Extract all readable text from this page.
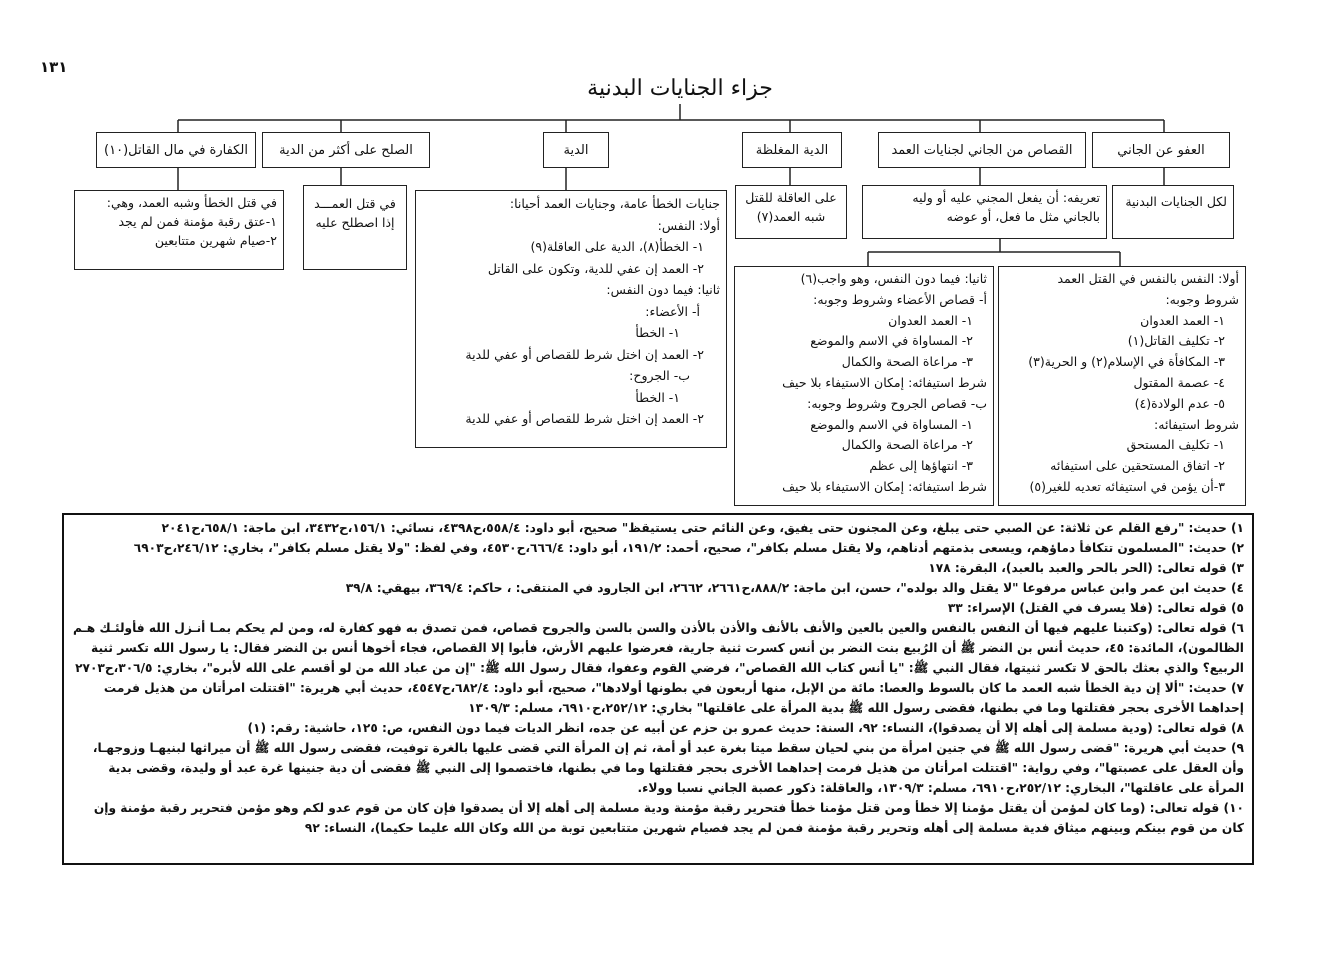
١٣١
جزاء الجنايات البدنية
العفو عن الجاني
القصاص من الجاني لجنايات العمد
الدية المغلظة
الدية
الصلح على أكثر من الدية
الكفارة في مال القاتل(١٠)
لكل الجنايات البدنية
تعريفه: أن يفعل المجني عليه أو وليه
بالجاني مثل ما فعل، أو عوضه
على العاقلة للقتل
شبه العمد(٧)
جنايات الخطأ عامة، وجنايات العمد أحيانا:
أولا: النفس:
١- الخطأ(٨)، الدية على العاقلة(٩)
٢- العمد إن عفي للدية، وتكون على القاتل
ثانيا: فيما دون النفس:
أ- الأعضاء:
١- الخطأ
٢- العمد إن اختل شرط للقصاص أو عفي للدية
ب- الجروح:
١- الخطأ
٢- العمد إن اختل شرط للقصاص أو عفي للدية
في قتل العمـــد
إذا اصطلح عليه
في قتل الخطأ وشبه العمد، وهي:
١-عتق رقبة مؤمنة فمن لم يجد
٢-صيام شهرين متتابعين
أولا: النفس بالنفس في القتل العمد
شروط وجوبه:
١- العمد العدوان
٢- تكليف القاتل(١)
٣- المكافأة في الإسلام(٢) و الحرية(٣)
٤- عصمة المقتول
٥- عدم الولادة(٤)
شروط استيفائه:
١- تكليف المستحق
٢- اتفاق المستحقين على استيفائه
٣-أن يؤمن في استيفائه تعديه للغير(٥)
ثانيا: فيما دون النفس، وهو واجب(٦)
أ- قصاص الأعضاء وشروط وجوبه:
١- العمد العدوان
٢- المساواة في الاسم والموضع
٣- مراعاة الصحة والكمال
شرط استيفائه: إمكان الاستيفاء بلا حيف
ب- قصاص الجروح وشروط وجوبه:
١- المساواة في الاسم والموضع
٢- مراعاة الصحة والكمال
٣- انتهاؤها إلى عظم
شرط استيفائه: إمكان الاستيفاء بلا حيف
١) حديث: "رفع القلم عن ثلاثة: عن الصبي حتى يبلغ، وعن المجنون حتى يفيق، وعن النائم حتى يستيقظ" صحيح، أبو داود: ٥٥٨/٤،ح٤٣٩٨، نسائي: ١٥٦/١،ح٣٤٣٢، ابن ماجة: ٦٥٨/١،ح٢٠٤١
٢) حديث: "المسلمون تتكافأ دماؤهم، ويسعى بذمتهم أدناهم، ولا يقتل مسلم بكافر"، صحيح، أحمد: ١٩١/٢، أبو داود: ٦٦٦/٤،ح٤٥٣٠، وفي لفظ: "ولا يقتل مسلم بكافر"، بخاري: ٢٤٦/١٢،ح٦٩٠٣
٣) قوله تعالى: (الحر بالحر والعبد بالعبد)، البقرة: ١٧٨
٤) حديث ابن عمر وابن عباس مرفوعا "لا يقتل والد بولده"، حسن، ابن ماجة: ٨٨٨/٢،ح٢٦٦١، ٢٦٦٢، ابن الجارود في المنتقى: ، حاكم: ٣٦٩/٤، بيهقي: ٣٩/٨
٥) قوله تعالى: (فلا يسرف في القتل) الإسراء: ٣٣
٦) قوله تعالى: (وكتبنا عليهم فيها أن النفس بالنفس والعين بالعين والأنف بالأنف والأذن بالأذن والسن بالسن والجروح قصاص، فمن تصدق به فهو كفارة له، ومن لم يحكم بمـا أنـزل الله فأولئـك هـم الظالمون)، المائدة: ٤٥، حديث أنس بن النضر ﷺ أن الرُبيع بنت النضر بن أنس كسرت ثنية جارية، فعرضوا عليهم الأرش، فأبوا إلا القصاص، فجاء أخوها أنس بن النضر فقال: يا رسول الله تكسر ثنية الربيع؟ والذي بعثك بالحق لا تكسر ثنيتها، فقال النبي ﷺ: "يا أنس كتاب الله القصاص"، فرضي القوم وعفوا، فقال رسول الله ﷺ: "إن من عباد الله من لو أقسم على الله لأبره"، بخاري: ٣٠٦/٥،ح٢٧٠٣
٧) حديث: "ألا إن دية الخطأ شبه العمد ما كان بالسوط والعصا: مائة من الإبل، منها أربعون في بطونها أولادها"، صحيح، أبو داود: ٦٨٢/٤،ح٤٥٤٧، حديث أبي هريرة: "اقتتلت امرأتان من هذيل فرمت إحداهما الأخرى بحجر فقتلتها وما في بطنها، فقضى رسول الله ﷺ بدية المرأة على عاقلتها" بخاري: ٢٥٢/١٢،ح٦٩١٠، مسلم: ١٣٠٩/٣
٨) قوله تعالى: (ودية مسلمة إلى أهله إلا أن يصدقوا)، النساء: ٩٢، السنة: حديث عمرو بن حزم عن أبيه عن جده، انظر الديات فيما دون النفس، ص: ١٢٥، حاشية: رقم: (١)
٩) حديث أبي هريرة: "قضى رسول الله ﷺ في جنين امرأة من بني لحيان سقط ميتا بغرة عبد أو أمة، ثم إن المرأة التي قضى عليها بالغرة توفيت، فقضى رسول الله ﷺ أن ميراثها لبنيهـا وزوجهـا، وأن العقل على عصبتها"، وفي رواية: "اقتتلت امرأتان من هذيل فرمت إحداهما الأخرى بحجر فقتلتها وما في بطنها، فاختصموا إلى النبي ﷺ فقضى أن دية جنينها غرة عبد أو وليدة، وقضى بدية المرأة على عاقلتها"، البخاري: ٢٥٢/١٢،ح٦٩١٠، مسلم: ١٣٠٩/٣، والعاقلة: ذكور عصبة الجاني نسبا وولاء.
١٠) قوله تعالى: (وما كان لمؤمن أن يقتل مؤمنا إلا خطأ ومن قتل مؤمنا خطأ فتحرير رقبة مؤمنة ودية مسلمة إلى أهله إلا أن يصدقوا فإن كان من قوم عدو لكم وهو مؤمن فتحرير رقبة مؤمنة وإن كان من قوم بينكم وبينهم ميثاق فدية مسلمة إلى أهله وتحرير رقبة مؤمنة فمن لم يجد فصيام شهرين متتابعين توبة من الله وكان الله عليما حكيما)، النساء: ٩٢
